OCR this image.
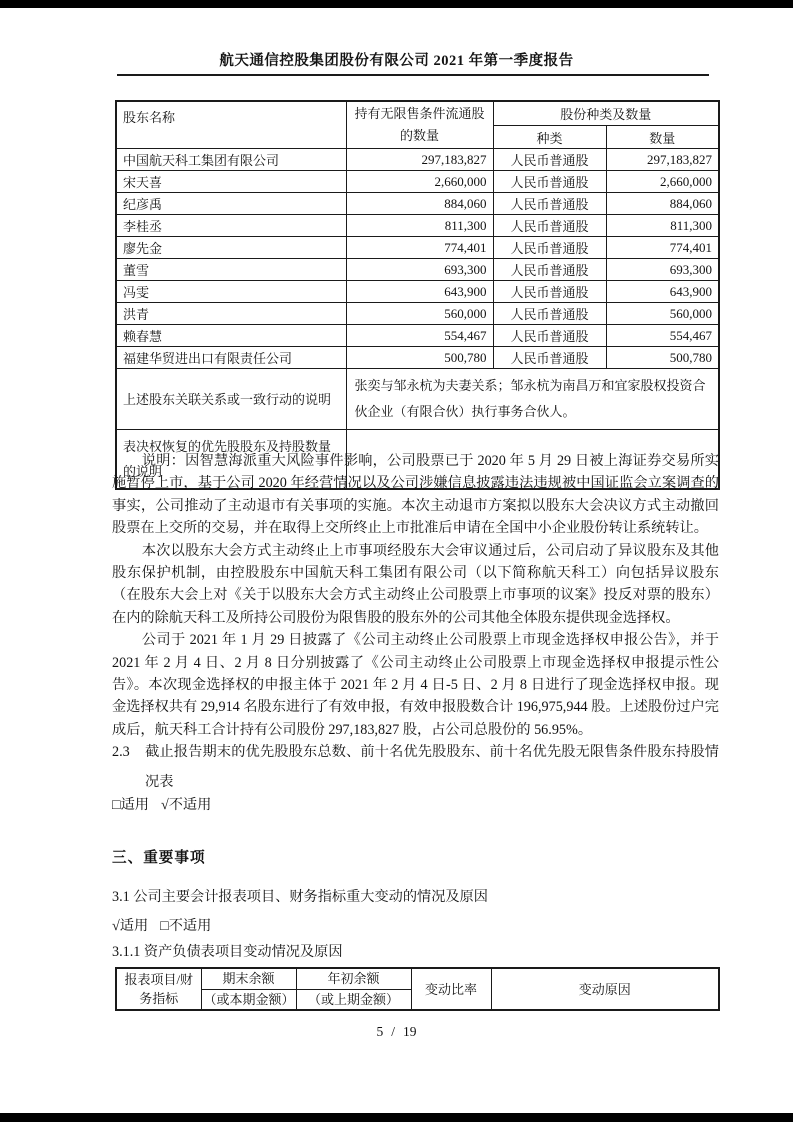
航天通信控股集团股份有限公司 2021 年第一季度报告
股东名称	持有无限售条件流通股的数量	股份种类及数量	
		种类	数量
中国航天科工集团有限公司	297,183,827	人民币普通股	297,183,827
宋天喜	2,660,000	人民币普通股	2,660,000
纪彦禹	884,060	人民币普通股	884,060
李桂丞	811,300	人民币普通股	811,300
廖先金	774,401	人民币普通股	774,401
董雪	693,300	人民币普通股	693,300
冯雯	643,900	人民币普通股	643,900
洪青	560,000	人民币普通股	560,000
赖春慧	554,467	人民币普通股	554,467
福建华贸进出口有限责任公司	500,780	人民币普通股	500,780
上述股东关联关系或一致行动的说明	张奕与邹永杭为夫妻关系；邹永杭为南昌万和宜家股权投资合伙企业（有限合伙）执行事务合伙人。		
表决权恢复的优先股股东及持股数量的说明			

说明：因智慧海派重大风险事件影响，公司股票已于 2020 年 5 月 29 日被上海证券交易所实施暂停上市，基于公司 2020 年经营情况以及公司涉嫌信息披露违法违规被中国证监会立案调查的事实，公司推动了主动退市有关事项的实施。本次主动退市方案拟以股东大会决议方式主动撤回股票在上交所的交易，并在取得上交所终止上市批准后申请在全国中小企业股份转让系统转让。

本次以股东大会方式主动终止上市事项经股东大会审议通过后，公司启动了异议股东及其他股东保护机制，由控股股东中国航天科工集团有限公司（以下简称航天科工）向包括异议股东（在股东大会上对《关于以股东大会方式主动终止公司股票上市事项的议案》投反对票的股东）在内的除航天科工及所持公司股份为限售股的股东外的公司其他全体股东提供现金选择权。

公司于 2021 年 1 月 29 日披露了《公司主动终止公司股票上市现金选择权申报公告》，并于 2021 年 2 月 4 日、2 月 8 日分别披露了《公司主动终止公司股票上市现金选择权申报提示性公告》。本次现金选择权的申报主体于 2021 年 2 月 4 日-5 日、2 月 8 日进行了现金选择权申报。现金选择权共有 29,914 名股东进行了有效申报，有效申报股数合计 196,975,944 股。上述股份过户完成后，航天科工合计持有公司股份 297,183,827 股，占公司总股份的 56.95%。

2.3 截止报告期末的优先股股东总数、前十名优先股股东、前十名优先股无限售条件股东持股情况表
□适用 √不适用
三、重要事项
3.1 公司主要会计报表项目、财务指标重大变动的情况及原因
√适用 □不适用
3.1.1 资产负债表项目变动情况及原因
报表项目/财务指标	期末余额	年初余额	变动比率	变动原因
	（或本期金额）	（或上期金额）		
5 / 19
